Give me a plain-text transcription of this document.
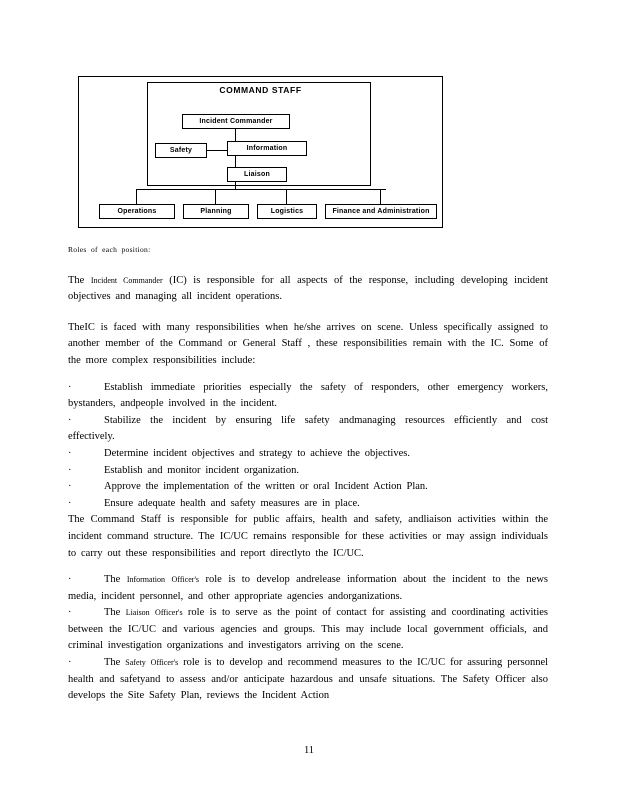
COMMAND STAFF
Incident Commander
Safety	Information
Liaison
Operations	Planning	Logistics	Finance and Administration

Roles of each position:

The Incident Commander (IC) is responsible for all aspects of the response, including developing incident objectives and managing all incident operations.

TheIC is faced with many responsibilities when he/she arrives on scene. Unless specifically assigned to another member of the Command or General Staff , these responsibilities remain with the IC. Some of the more complex responsibilities include:

·	Establish immediate priorities especially the safety of responders, other emergency workers, bystanders, andpeople involved in the incident.

·	Stabilize the incident by ensuring life safety andmanaging resources efficiently and cost effectively.

·	Determine incident objectives and strategy to achieve the objectives.

·	Establish and monitor incident organization.

·	Approve the implementation of the written or oral Incident Action Plan.

·	Ensure adequate health and safety measures are in place.

The Command Staff is responsible for public affairs, health and safety, andliaison activities within the incident command structure. The IC/UC remains responsible for these activities or may assign individuals to carry out these responsibilities and report directlyto the IC/UC.

·	The Information Officer's role is to develop andrelease information about the incident to the news media, incident personnel, and other appropriate agencies andorganizations.

·	The Liaison Officer's role is to serve as the point of contact for assisting and coordinating activities between the IC/UC and various agencies and groups. This may include local government officials, and criminal investigation organizations and investigators arriving on the scene.

·	The Safety Officer's role is to develop and recommend measures to the IC/UC for assuring personnel health and safetyand to assess and/or anticipate hazardous and unsafe situations. The Safety Officer also develops the Site Safety Plan, reviews the Incident Action

11
